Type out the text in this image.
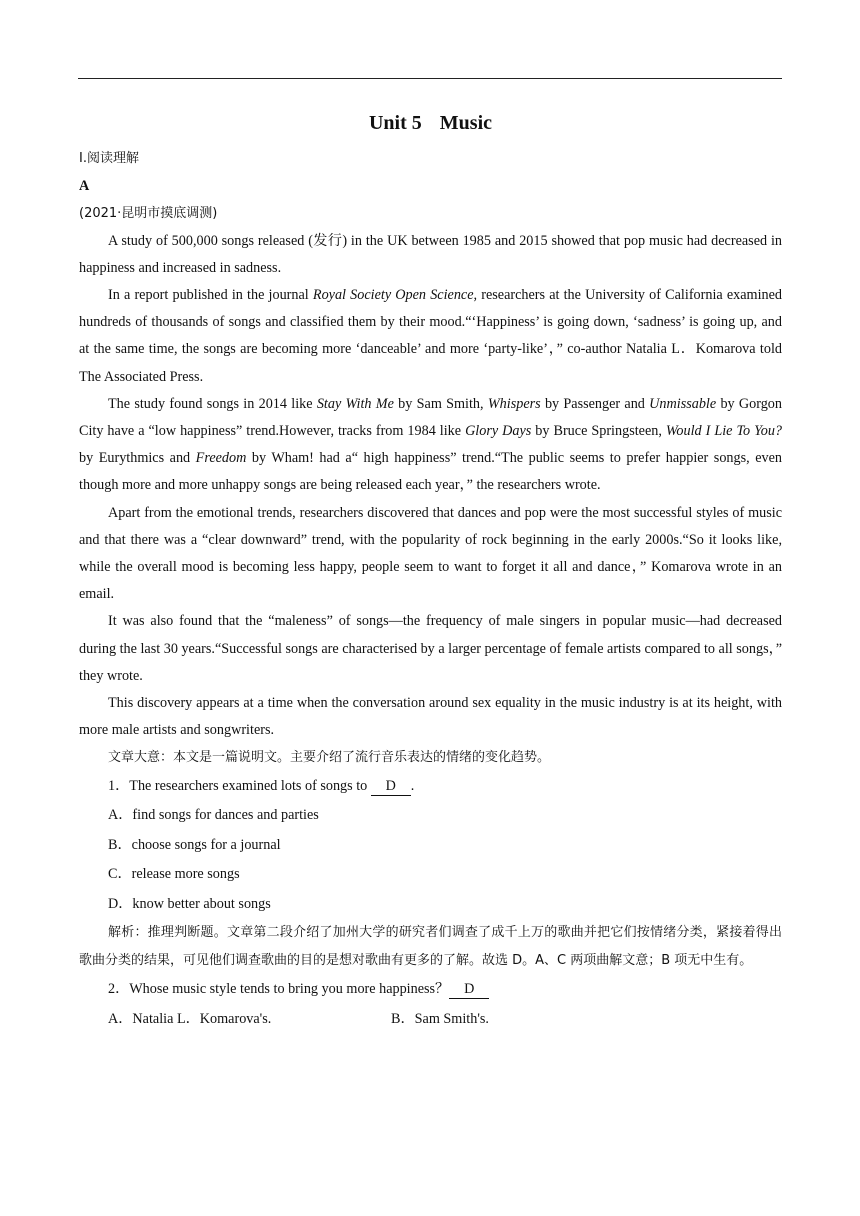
Unit 5 Music
I.阅读理解
A
(2021·昆明市摸底调测)

A study of 500,000 songs released (发行) in the UK between 1985 and 2015 showed that pop music had decreased in happiness and increased in sadness.

In a report published in the journal Royal Society Open Science, researchers at the University of California examined hundreds of thousands of songs and classified them by their mood.“‘Happiness’ is going down, ‘sadness’ is going up, and at the same time, the songs are becoming more ‘danceable’ and more ‘party-like’，” co-author Natalia L．Komarova told The Associated Press.

The study found songs in 2014 like Stay With Me by Sam Smith, Whispers by Passenger and Unmissable by Gorgon City have a “low happiness” trend.However, tracks from 1984 like Glory Days by Bruce Springsteen, Would I Lie To You? by Eurythmics and Freedom by Wham! had a“ high happiness” trend.“The public seems to prefer happier songs, even though more and more unhappy songs are being released each year，” the researchers wrote.

Apart from the emotional trends, researchers discovered that dances and pop were the most successful styles of music and that there was a “clear downward” trend, with the popularity of rock beginning in the early 2000s.“So it looks like, while the overall mood is becoming less happy, people seem to want to forget it all and dance，” Komarova wrote in an email.

It was also found that the “maleness” of songs—the frequency of male singers in popular music—had decreased during the last 30 years.“Successful songs are characterised by a larger percentage of female artists compared to all songs，” they wrote.

This discovery appears at a time when the conversation around sex equality in the music industry is at its height, with more male artists and songwriters.

文章大意：本文是一篇说明文。主要介绍了流行音乐表达的情绪的变化趋势。

1．The researchers examined lots of songs to D .
A．find songs for dances and parties
B．choose songs for a journal
C．release more songs
D．know better about songs

解析：推理判断题。文章第二段介绍了加州大学的研究者们调查了成千上万的歌曲并把它们按情绪分类，紧接着得出歌曲分类的结果，可见他们调查歌曲的目的是想对歌曲有更多的了解。故选 D。A、C 两项曲解文意；B 项无中生有。

2．Whose music style tends to bring you more happiness？ D
A．Natalia L．Komarova's.	B．Sam Smith's.
